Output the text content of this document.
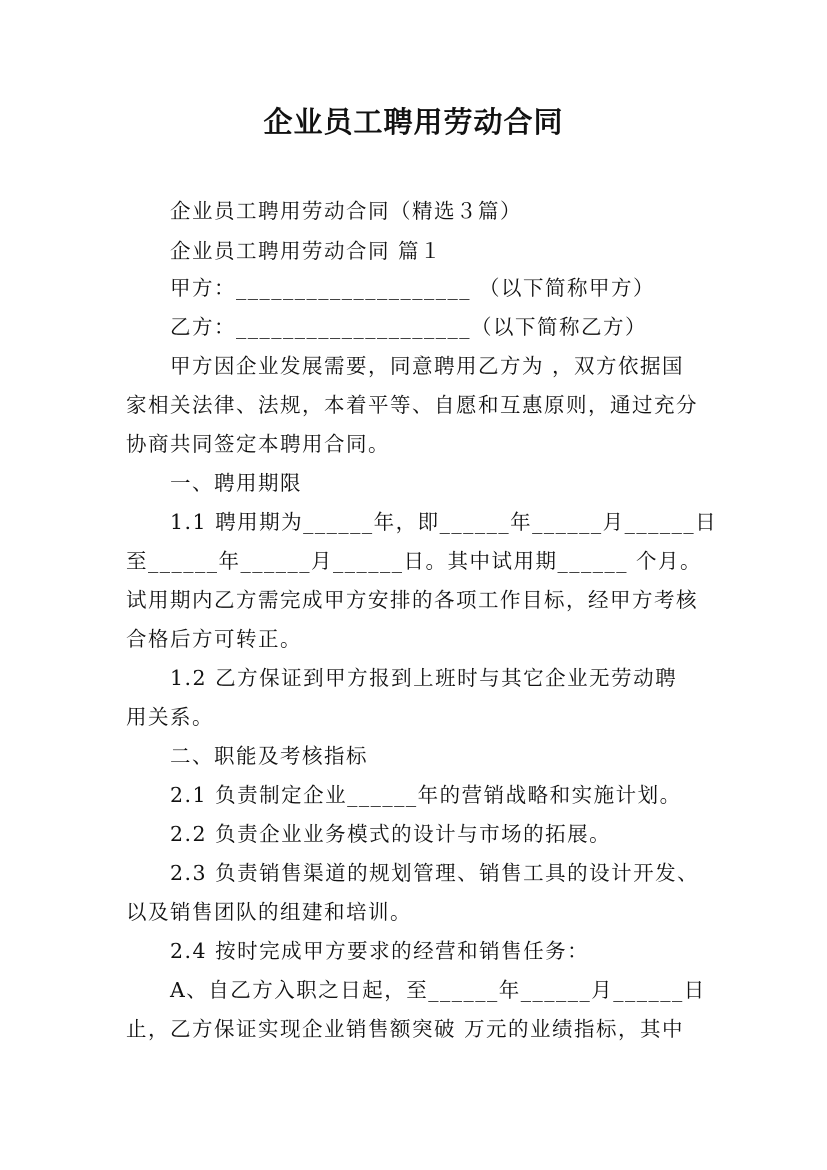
企业员工聘用劳动合同
企业员工聘用劳动合同（精选３篇）
企业员工聘用劳动合同 篇１
甲方：____________________ （以下简称甲方）
乙方：____________________（以下简称乙方）
甲方因企业发展需要，同意聘用乙方为 ，双方依据国
家相关法律、法规，本着平等、自愿和互惠原则，通过充分
协商共同签定本聘用合同。
一、聘用期限
1.1 聘用期为______年，即______年______月______日
至______年______月______日。其中试用期______ 个月。
试用期内乙方需完成甲方安排的各项工作目标，经甲方考核
合格后方可转正。
1.2 乙方保证到甲方报到上班时与其它企业无劳动聘
用关系。
二、职能及考核指标
2.1 负责制定企业______年的营销战略和实施计划。
2.2 负责企业业务模式的设计与市场的拓展。
2.3 负责销售渠道的规划管理、销售工具的设计开发、
以及销售团队的组建和培训。
2.4 按时完成甲方要求的经营和销售任务：
A、自乙方入职之日起，至______年______月______日
止，乙方保证实现企业销售额突破 万元的业绩指标，其中
